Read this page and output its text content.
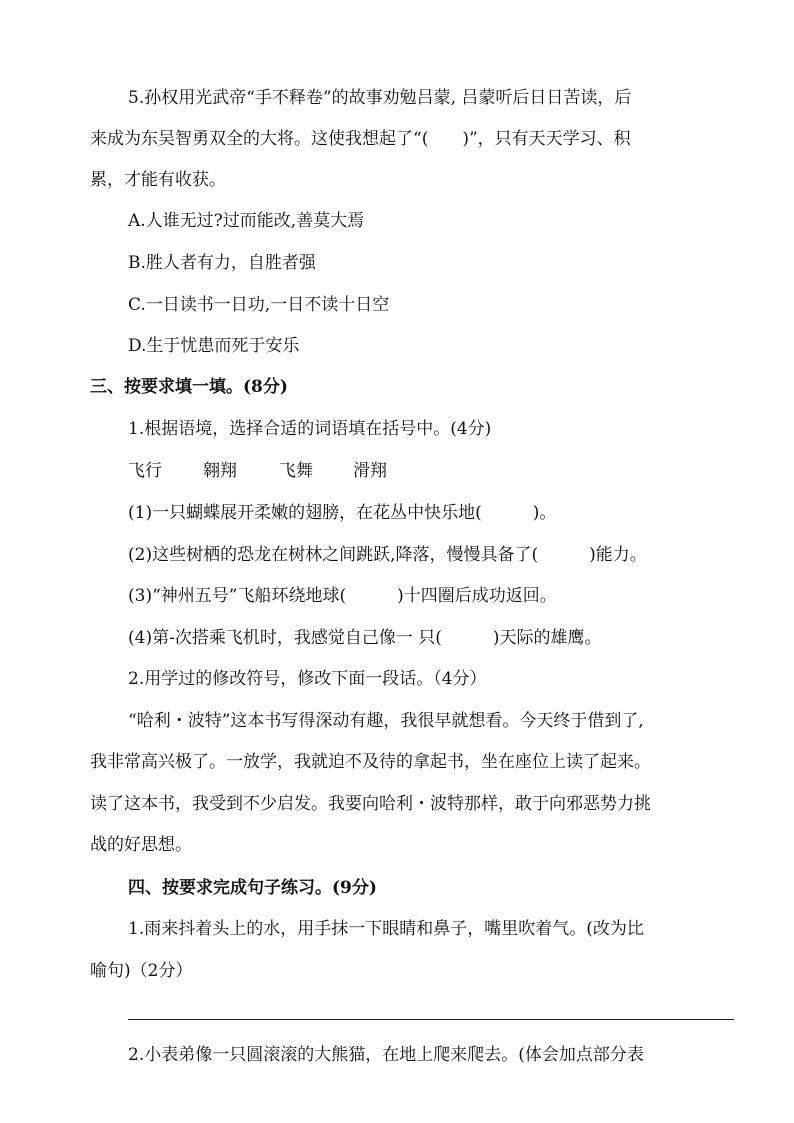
5.孙权用光武帝“手不释卷”的故事劝勉吕蒙, 吕蒙听后日日苦读，后
来成为东吴智勇双全的大将。这使我想起了“(　　)”，只有天天学习、积
累，才能有收获。
A.人谁无过?过而能改,善莫大焉
B.胜人者有力，自胜者强
C.一日读书一日功,一日不读十日空
D.生于忧患而死于安乐
三、按要求填一填。(8分)
1.根据语境，选择合适的词语填在括号中。(4分)
飞行 翱翔 飞舞 滑翔
(1)一只蝴蝶展开柔嫩的翅膀，在花丛中快乐地(　　　)。
(2)这些树栖的恐龙在树林之间跳跃,降落，慢慢具备了(　　　)能力。
(3)“神州五号”飞船环绕地球(　　　)十四圈后成功返回。
(4)第-次搭乘飞机时，我感觉自己像一 只(　　　)天际的雄鹰。
2.用学过的修改符号，修改下面一段话。（4分）
“哈利・波特”这本书写得深动有趣，我很早就想看。今天终于借到了,
我非常高兴极了。一放学，我就迫不及待的拿起书，坐在座位上读了起来。
读了这本书，我受到不少启发。我要向哈利・波特那样，敢于向邪恶势力挑
战的好思想。
四、按要求完成句子练习。(9分)
1.雨来抖着头上的水，用手抹一下眼睛和鼻子，嘴里吹着气。(改为比
喻句)（2分）
2.小表弟像一只圆滚滚的大熊猫，在地上爬来爬去。(体会加点部分表
